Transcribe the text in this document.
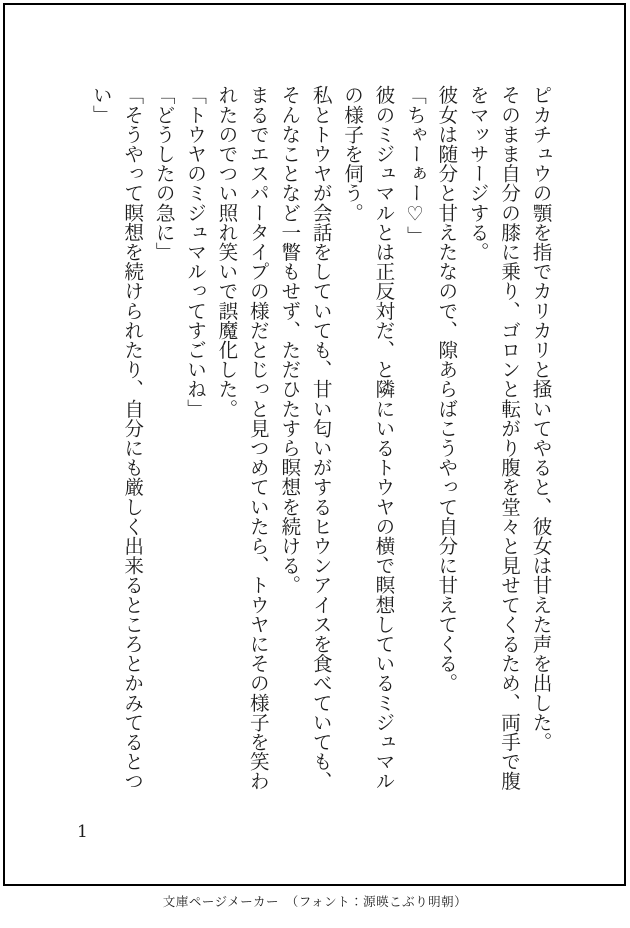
ピカチュウの顎を指でカリカリと掻いてやると、彼女は甘えた声を出した。

そのまま自分の膝に乗り、ゴロンと転がり腹を堂々と見せてくるため、両手で腹をマッサージする。

彼女は随分と甘えたなので、隙あらばこうやって自分に甘えてくる。

「ちゃーぁー♡」

彼のミジュマルとは正反対だ、と隣にいるトウヤの横で瞑想しているミジュマルの様子を伺う。

私とトウヤが会話をしていても、甘い匂いがするヒウンアイスを食べていても、そんなことなど一瞥もせず、ただひたすら瞑想を続ける。

まるでエスパータイプの様だとじっと見つめていたら、トウヤにその様子を笑われたのでつい照れ笑いで誤魔化した。

「トウヤのミジュマルってすごいね」

「どうしたの急に」

「そうやって瞑想を続けられたり、自分にも厳しく出来るところとかみてるとつい」

1
文庫ページメーカー　（フォント：源暎こぶり明朝）
